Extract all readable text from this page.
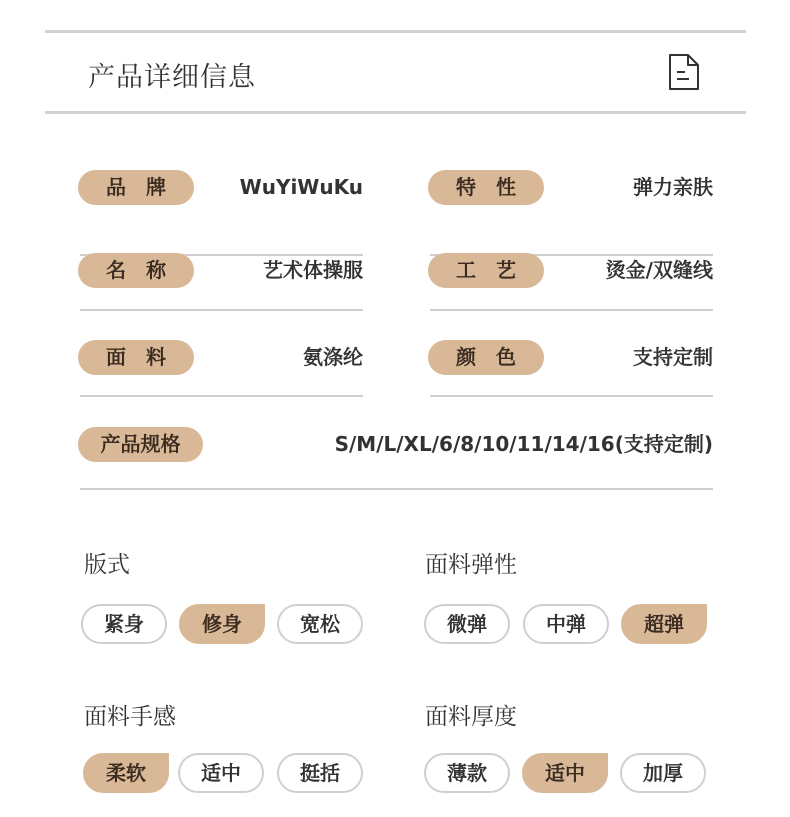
产品详细信息
品　牌	WuYiWuKu	特　性	弹力亲肤
名　称	艺术体操服	工　艺	烫金/双缝线
面　料	氨涤纶	颜　色	支持定制
产品规格	S/M/L/XL/6/8/10/11/14/16(支持定制)
版式
紧身	修身	宽松
面料弹性
微弹	中弹	超弹
面料手感
柔软	适中	挺括
面料厚度
薄款	适中	加厚
